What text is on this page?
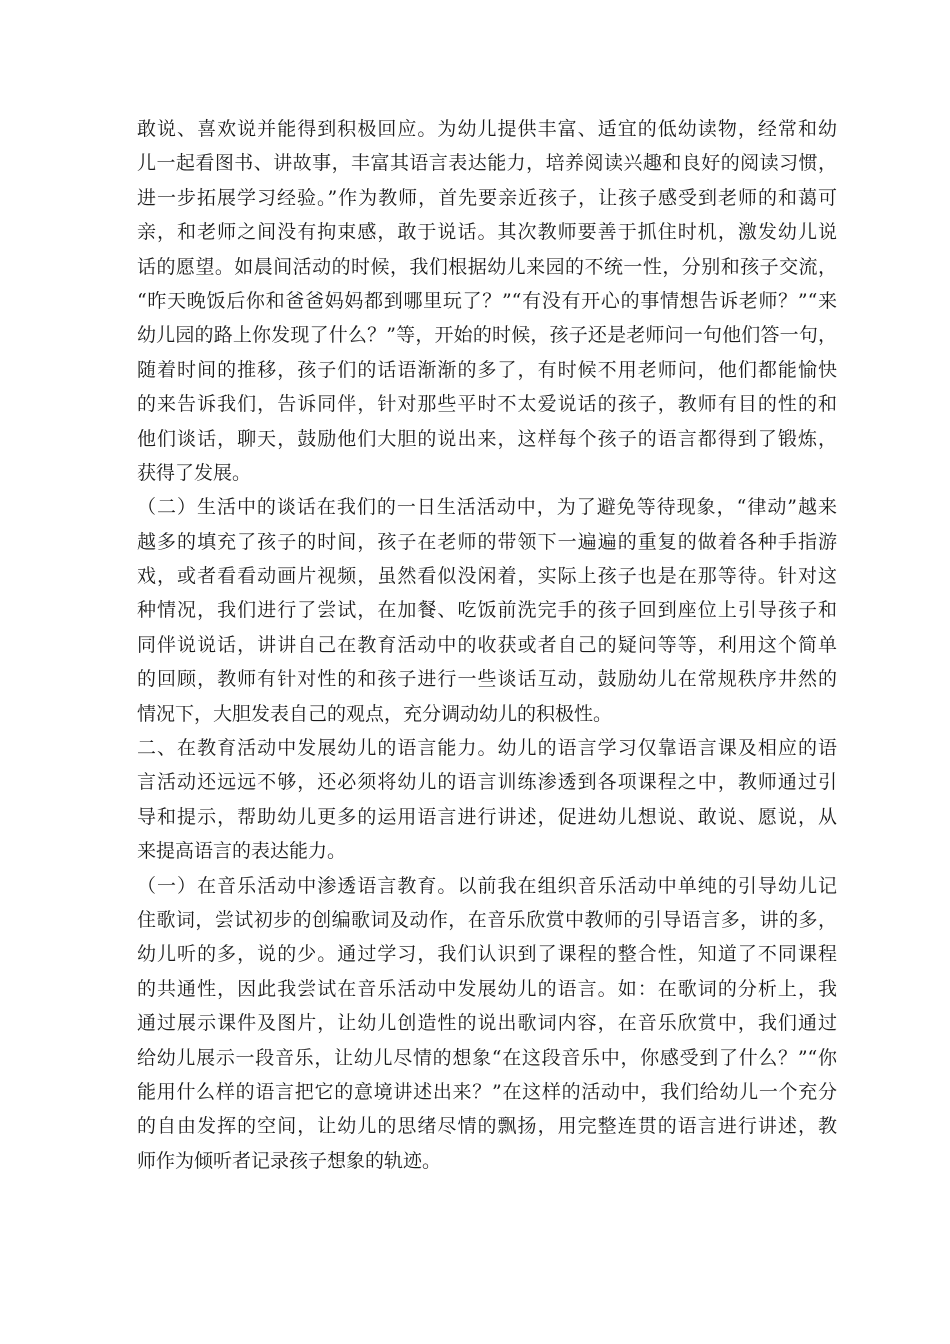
敢说、喜欢说并能得到积极回应。为幼儿提供丰富、适宜的低幼读物，经常和幼
儿一起看图书、讲故事，丰富其语言表达能力，培养阅读兴趣和良好的阅读习惯，
进一步拓展学习经验。”作为教师，首先要亲近孩子，让孩子感受到老师的和蔼可
亲，和老师之间没有拘束感，敢于说话。其次教师要善于抓住时机，激发幼儿说
话的愿望。如晨间活动的时候，我们根据幼儿来园的不统一性，分别和孩子交流，
“昨天晚饭后你和爸爸妈妈都到哪里玩了？”“有没有开心的事情想告诉老师？”“来
幼儿园的路上你发现了什么？”等，开始的时候，孩子还是老师问一句他们答一句，
随着时间的推移，孩子们的话语渐渐的多了，有时候不用老师问，他们都能愉快
的来告诉我们，告诉同伴，针对那些平时不太爱说话的孩子，教师有目的性的和
他们谈话，聊天，鼓励他们大胆的说出来，这样每个孩子的语言都得到了锻炼，
获得了发展。
（二）生活中的谈话在我们的一日生活活动中，为了避免等待现象，“律动”越来
越多的填充了孩子的时间，孩子在老师的带领下一遍遍的重复的做着各种手指游
戏，或者看看动画片视频，虽然看似没闲着，实际上孩子也是在那等待。针对这
种情况，我们进行了尝试，在加餐、吃饭前洗完手的孩子回到座位上引导孩子和
同伴说说话，讲讲自己在教育活动中的收获或者自己的疑问等等，利用这个简单
的回顾，教师有针对性的和孩子进行一些谈话互动，鼓励幼儿在常规秩序井然的
情况下，大胆发表自己的观点，充分调动幼儿的积极性。
二、在教育活动中发展幼儿的语言能力。幼儿的语言学习仅靠语言课及相应的语
言活动还远远不够，还必须将幼儿的语言训练渗透到各项课程之中，教师通过引
导和提示，帮助幼儿更多的运用语言进行讲述，促进幼儿想说、敢说、愿说，从
来提高语言的表达能力。
（一）在音乐活动中渗透语言教育。以前我在组织音乐活动中单纯的引导幼儿记
住歌词，尝试初步的创编歌词及动作，在音乐欣赏中教师的引导语言多，讲的多，
幼儿听的多，说的少。通过学习，我们认识到了课程的整合性，知道了不同课程
的共通性，因此我尝试在音乐活动中发展幼儿的语言。如：在歌词的分析上，我
通过展示课件及图片，让幼儿创造性的说出歌词内容，在音乐欣赏中，我们通过
给幼儿展示一段音乐，让幼儿尽情的想象“在这段音乐中，你感受到了什么？”“你
能用什么样的语言把它的意境讲述出来？”在这样的活动中，我们给幼儿一个充分
的自由发挥的空间，让幼儿的思绪尽情的飘扬，用完整连贯的语言进行讲述，教
师作为倾听者记录孩子想象的轨迹。
